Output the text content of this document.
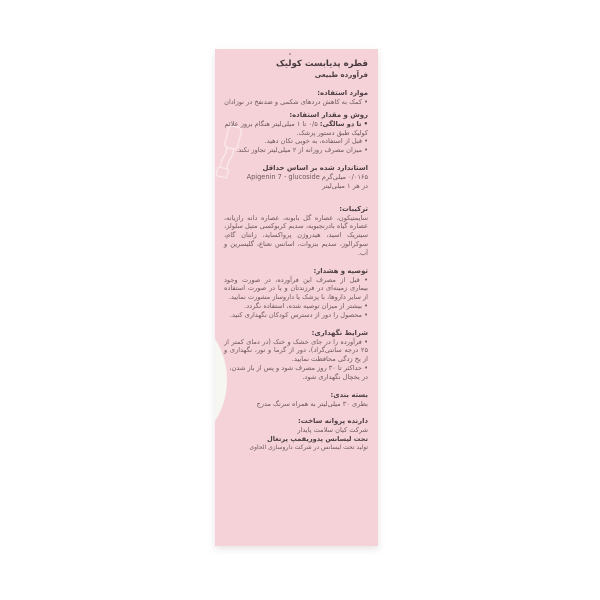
قطره پدیابست کولیک
فرآورده طبیعی
موارد استفاده:

• کمک به کاهش دردهای شکمی و ضدنفخ در نوزادان

روش و مقدار استفاده:

• تا دو سالگی: ۰/۵ تا ۱ میلی‌لیتر هنگام بروز علائم کولیک طبق دستور پزشک.

• قبل از استفاده، به خوبی تکان دهید.

• میزان مصرف روزانه از ۲ میلی‌لیتر تجاوز نکند.

استاندارد شده بر اساس حداقل

۰/۰۱۶۵ میلی‌گرم Apigenin 7 - glucoside

در هر ۱ میلی‌لیتر

ترکیبات:

سایمتیکون، عصاره گل بابونه، عصاره دانه رازیانه، عصاره گیاه بادرنجبویه، سدیم کربوکسی متیل سلولز، سیتریک اسید، هیدروژن پرواکساید، زانتان گام، سوکرالوز، سدیم بنزوات، اسانس نعناع، گلیسرین و آب.

توصیه و هشدار:

• قبل از مصرف این فرآورده، در صورت وجود بیماری زمینه‌ای در فرزندتان و یا در صورت استفاده از سایر داروها، با پزشک یا داروساز مشورت نمایید.

• بیشتر از میزان توصیه شده، استفاده نگردد.

• محصول را دور از دسترس کودکان نگهداری کنید.

شرایط نگهداری:

• فرآورده را در جای خشک و خنک (در دمای کمتر از ۲۵ درجه سانتی‌گراد)، دور از گرما و نور، نگهداری و از یخ زدگی محافظت نمایید.

• حداکثر تا ۳۰ روز مصرف شود و پس از باز شدن، در یخچال نگهداری شود.

بسته بندی:

بطری ۳۰ میلی‌لیتر به همراه سرنگ مدرج

دارنده پروانه ساخت:

شرکت کیان سلامت پایدار

تحت لیسانس پدوریفمپ پرتغال

تولید تحت لیسانس در شرکت داروسازی الحاوی
